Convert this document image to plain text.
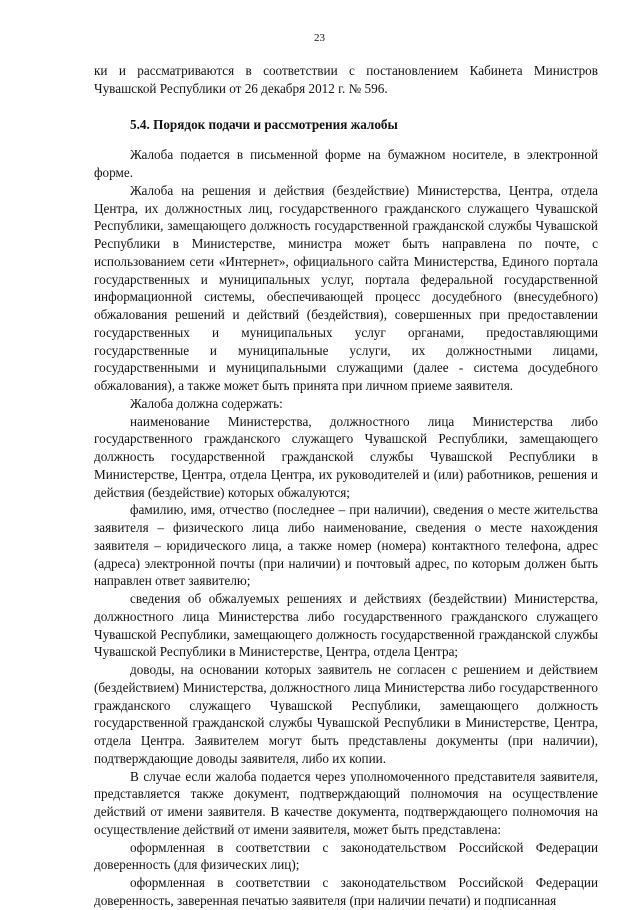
23

ки и рассматриваются в соответствии с постановлением Кабинета Министров Чувашской Республики от 26 декабря 2012 г. № 596.

5.4. Порядок подачи и рассмотрения жалобы

Жалоба подается в письменной форме на бумажном носителе, в электронной форме.

Жалоба на решения и действия (бездействие) Министерства, Центра, отдела Центра, их должностных лиц, государственного гражданского служащего Чувашской Республики, замещающего должность государственной гражданской службы Чувашской Республики в Министерстве, министра может быть направлена по почте, с использованием сети «Интернет», официального сайта Министерства, Единого портала государственных и муниципальных услуг, портала федеральной государственной информационной системы, обеспечивающей процесс досудебного (внесудебного) обжалования решений и действий (бездействия), совершенных при предоставлении государственных и муниципальных услуг органами, предоставляющими государственные и муниципальные услуги, их должностными лицами, государственными и муниципальными служащими (далее - система досудебного обжалования), а также может быть принята при личном приеме заявителя.

Жалоба должна содержать:

наименование Министерства, должностного лица Министерства либо государственного гражданского служащего Чувашской Республики, замещающего должность государственной гражданской службы Чувашской Республики в Министерстве, Центра, отдела Центра, их руководителей и (или) работников, решения и действия (бездействие) которых обжалуются;

фамилию, имя, отчество (последнее – при наличии), сведения о месте жительства заявителя – физического лица либо наименование, сведения о месте нахождения заявителя – юридического лица, а также номер (номера) контактного телефона, адрес (адреса) электронной почты (при наличии) и почтовый адрес, по которым должен быть направлен ответ заявителю;

сведения об обжалуемых решениях и действиях (бездействии) Министерства, должностного лица Министерства либо государственного гражданского служащего Чувашской Республики, замещающего должность государственной гражданской службы Чувашской Республики в Министерстве, Центра, отдела Центра;

доводы, на основании которых заявитель не согласен с решением и действием (бездействием) Министерства, должностного лица Министерства либо государственного гражданского служащего Чувашской Республики, замещающего должность государственной гражданской службы Чувашской Республики в Министерстве, Центра, отдела Центра. Заявителем могут быть представлены документы (при наличии), подтверждающие доводы заявителя, либо их копии.

В случае если жалоба подается через уполномоченного представителя заявителя, представляется также документ, подтверждающий полномочия на осуществление действий от имени заявителя. В качестве документа, подтверждающего полномочия на осуществление действий от имени заявителя, может быть представлена:

оформленная в соответствии с законодательством Российской Федерации доверенность (для физических лиц);

оформленная в соответствии с законодательством Российской Федерации доверенность, заверенная печатью заявителя (при наличии печати) и подписанная
